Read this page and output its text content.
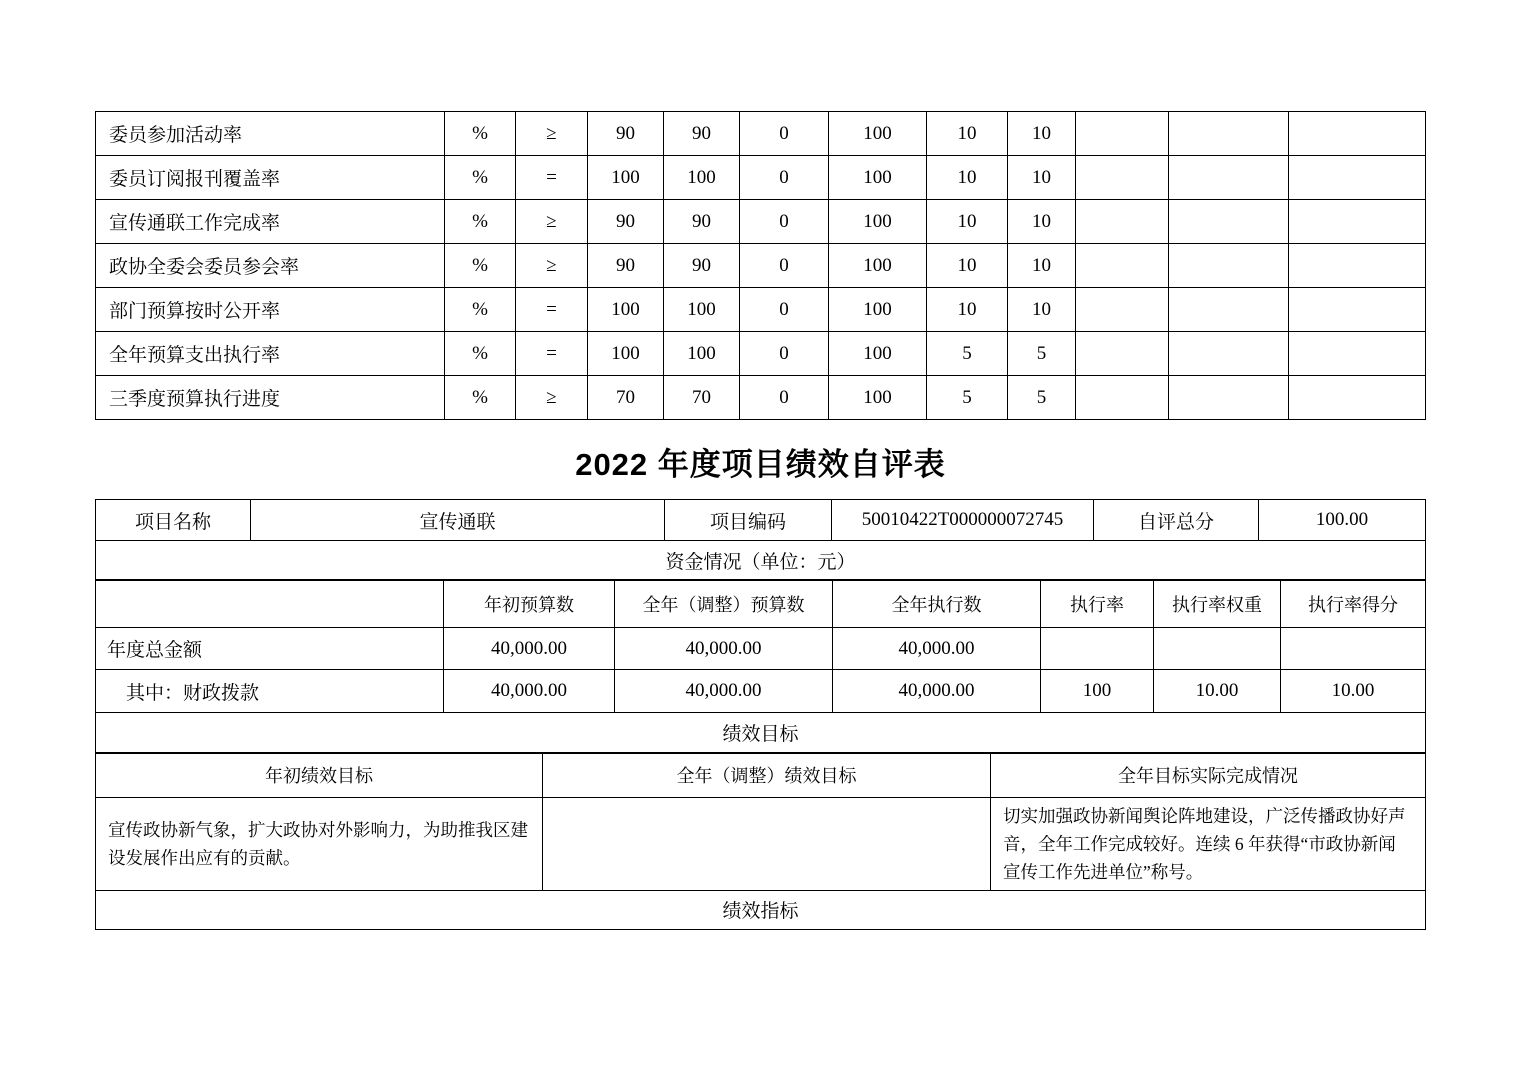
委员参加活动率	%	≥	90	90	0	100	10	10			
委员订阅报刊覆盖率	%	=	100	100	0	100	10	10			
宣传通联工作完成率	%	≥	90	90	0	100	10	10			
政协全委会委员参会率	%	≥	90	90	0	100	10	10			
部门预算按时公开率	%	=	100	100	0	100	10	10			
全年预算支出执行率	%	=	100	100	0	100	5	5			
三季度预算执行进度	%	≥	70	70	0	100	5	5			
2022 年度项目绩效自评表
项目名称	宣传通联	项目编码	50010422T000000072745	自评总分	100.00
资金情况（单位：元）
	年初预算数	全年（调整）预算数	全年执行数	执行率	执行率权重	执行率得分
年度总金额	40,000.00	40,000.00	40,000.00			
其中：财政拨款	40,000.00	40,000.00	40,000.00	100	10.00	10.00
绩效目标
年初绩效目标	全年（调整）绩效目标	全年目标实际完成情况
宣传政协新气象，扩大政协对外影响力，为助推我区建设发展作出应有的贡献。		切实加强政协新闻舆论阵地建设，广泛传播政协好声音，全年工作完成较好。连续 6 年获得“市政协新闻宣传工作先进单位”称号。
绩效指标
